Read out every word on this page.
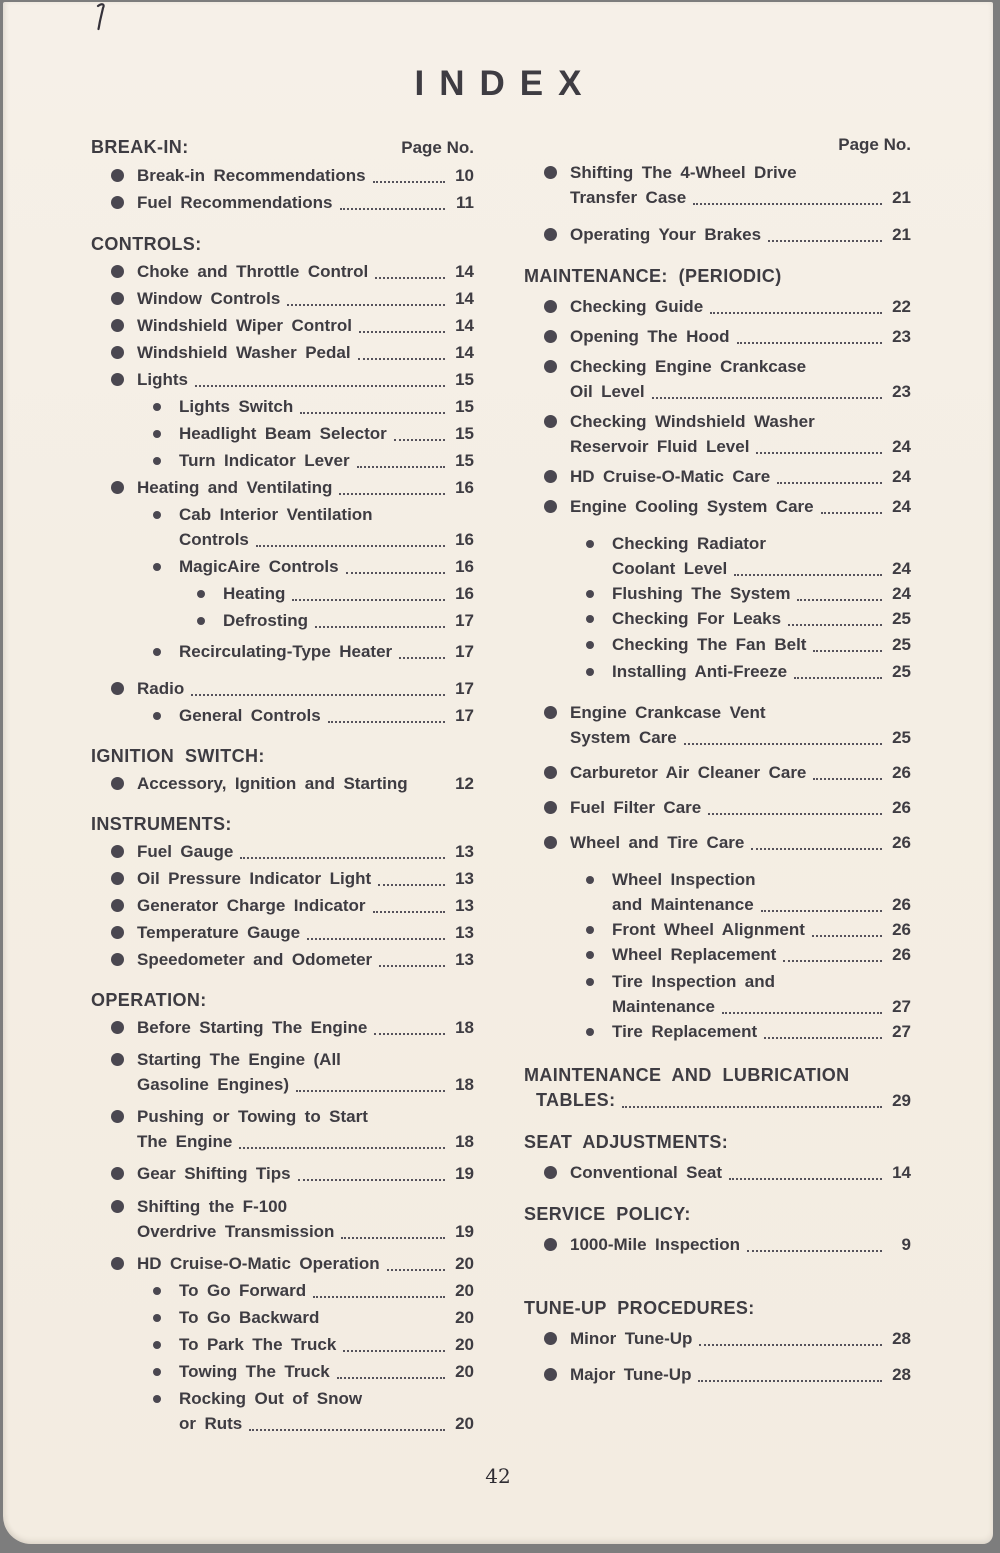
INDEX
BREAK-IN:	Page No.
Break-in Recommendations	10
Fuel Recommendations	11
CONTROLS:
Choke and Throttle Control	14
Window Controls	14
Windshield Wiper Control	14
Windshield Washer Pedal	14
Lights	15
Lights Switch	15
Headlight Beam Selector	15
Turn Indicator Lever	15
Heating and Ventilating	16
Cab Interior Ventilation
Controls	16
MagicAire Controls	16
Heating	16
Defrosting	17
Recirculating-Type Heater	17
Radio	17
General Controls	17
IGNITION SWITCH:
Accessory, Ignition and Starting	12
INSTRUMENTS:
Fuel Gauge	13
Oil Pressure Indicator Light	13
Generator Charge Indicator	13
Temperature Gauge	13
Speedometer and Odometer	13
OPERATION:
Before Starting The Engine	18
Starting The Engine (All
Gasoline Engines)	18
Pushing or Towing to Start
The Engine	18
Gear Shifting Tips	19
Shifting the F-100
Overdrive Transmission	19
HD Cruise-O-Matic Operation	20
To Go Forward	20
To Go Backward	20
To Park The Truck	20
Towing The Truck	20
Rocking Out of Snow
or Ruts	20
Page No.
Shifting The 4-Wheel Drive
Transfer Case	21
Operating Your Brakes	21
MAINTENANCE: (PERIODIC)
Checking Guide	22
Opening The Hood	23
Checking Engine Crankcase
Oil Level	23
Checking Windshield Washer
Reservoir Fluid Level	24
HD Cruise-O-Matic Care	24
Engine Cooling System Care	24
Checking Radiator
Coolant Level	24
Flushing The System	24
Checking For Leaks	25
Checking The Fan Belt	25
Installing Anti-Freeze	25
Engine Crankcase Vent
System Care	25
Carburetor Air Cleaner Care	26
Fuel Filter Care	26
Wheel and Tire Care	26
Wheel Inspection
and Maintenance	26
Front Wheel Alignment	26
Wheel Replacement	26
Tire Inspection and
Maintenance	27
Tire Replacement	27
MAINTENANCE AND LUBRICATION
TABLES:	29
SEAT ADJUSTMENTS:
Conventional Seat	14
SERVICE POLICY:
1000-Mile Inspection	9
TUNE-UP PROCEDURES:
Minor Tune-Up	28
Major Tune-Up	28
42
